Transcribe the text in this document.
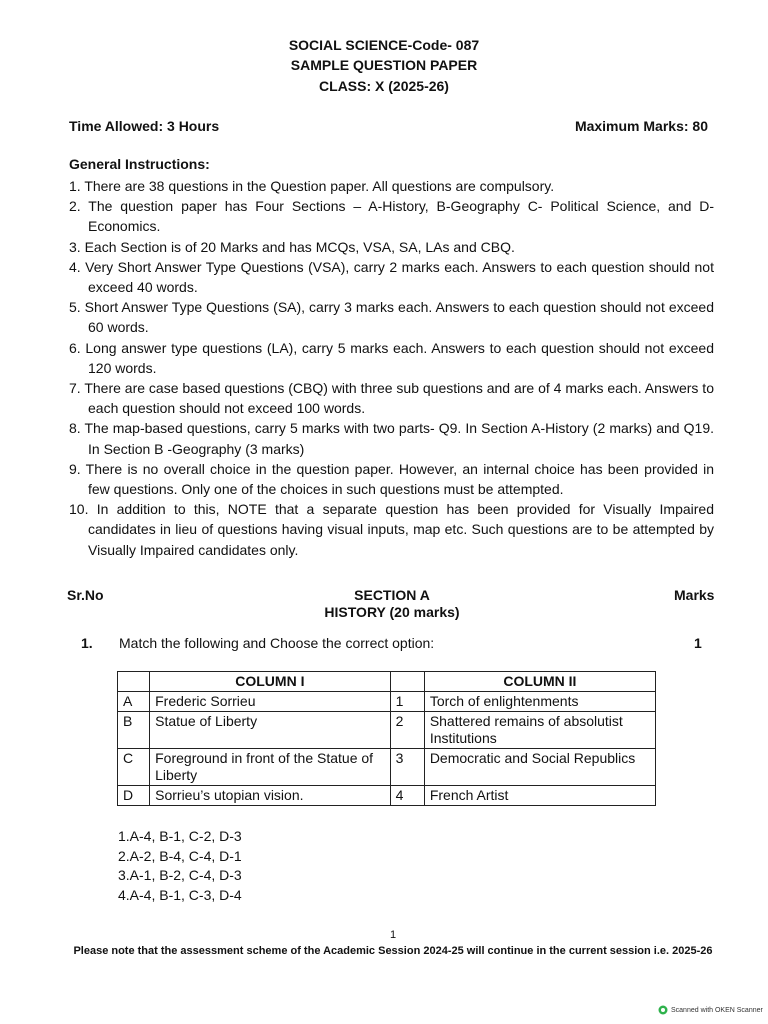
SOCIAL SCIENCE-Code- 087
SAMPLE QUESTION PAPER
CLASS: X (2025-26)
Time Allowed: 3 Hours	Maximum Marks: 80
General Instructions:
1. There are 38 questions in the Question paper. All questions are compulsory.
2. The question paper has Four Sections – A-History, B-Geography C- Political Science, and D-Economics.
3. Each Section is of 20 Marks and has MCQs, VSA, SA, LAs and CBQ.
4. Very Short Answer Type Questions (VSA), carry 2 marks each. Answers to each question should not exceed 40 words.
5. Short Answer Type Questions (SA), carry 3 marks each. Answers to each question should not exceed 60 words.
6. Long answer type questions (LA), carry 5 marks each. Answers to each question should not exceed 120 words.
7. There are case based questions (CBQ) with three sub questions and are of 4 marks each. Answers to each question should not exceed 100 words.
8. The map-based questions, carry 5 marks with two parts- Q9. In Section A-History (2 marks) and Q19. In Section B -Geography (3 marks)
9. There is no overall choice in the question paper. However, an internal choice has been provided in few questions. Only one of the choices in such questions must be attempted.
10. In addition to this, NOTE that a separate question has been provided for Visually Impaired candidates in lieu of questions having visual inputs, map etc. Such questions are to be attempted by Visually Impaired candidates only.
Sr.No	SECTION A
HISTORY (20 marks)
Marks
1. Match the following and Choose the correct option:	1
	COLUMN I		COLUMN II
A	Frederic Sorrieu	1	Torch of enlightenments
B	Statue of Liberty	2	Shattered remains of absolutist Institutions
C	Foreground in front of the Statue of Liberty	3	Democratic and Social Republics
D	Sorrieu’s utopian vision.	4	French Artist
1.A-4, B-1, C-2, D-3
2.A-2, B-4, C-4, D-1
3.A-1, B-2, C-4, D-3
4.A-4, B-1, C-3, D-4
1
Please note that the assessment scheme of the Academic Session 2024-25 will continue in the current session i.e. 2025-26
Scanned with OKEN Scanner
